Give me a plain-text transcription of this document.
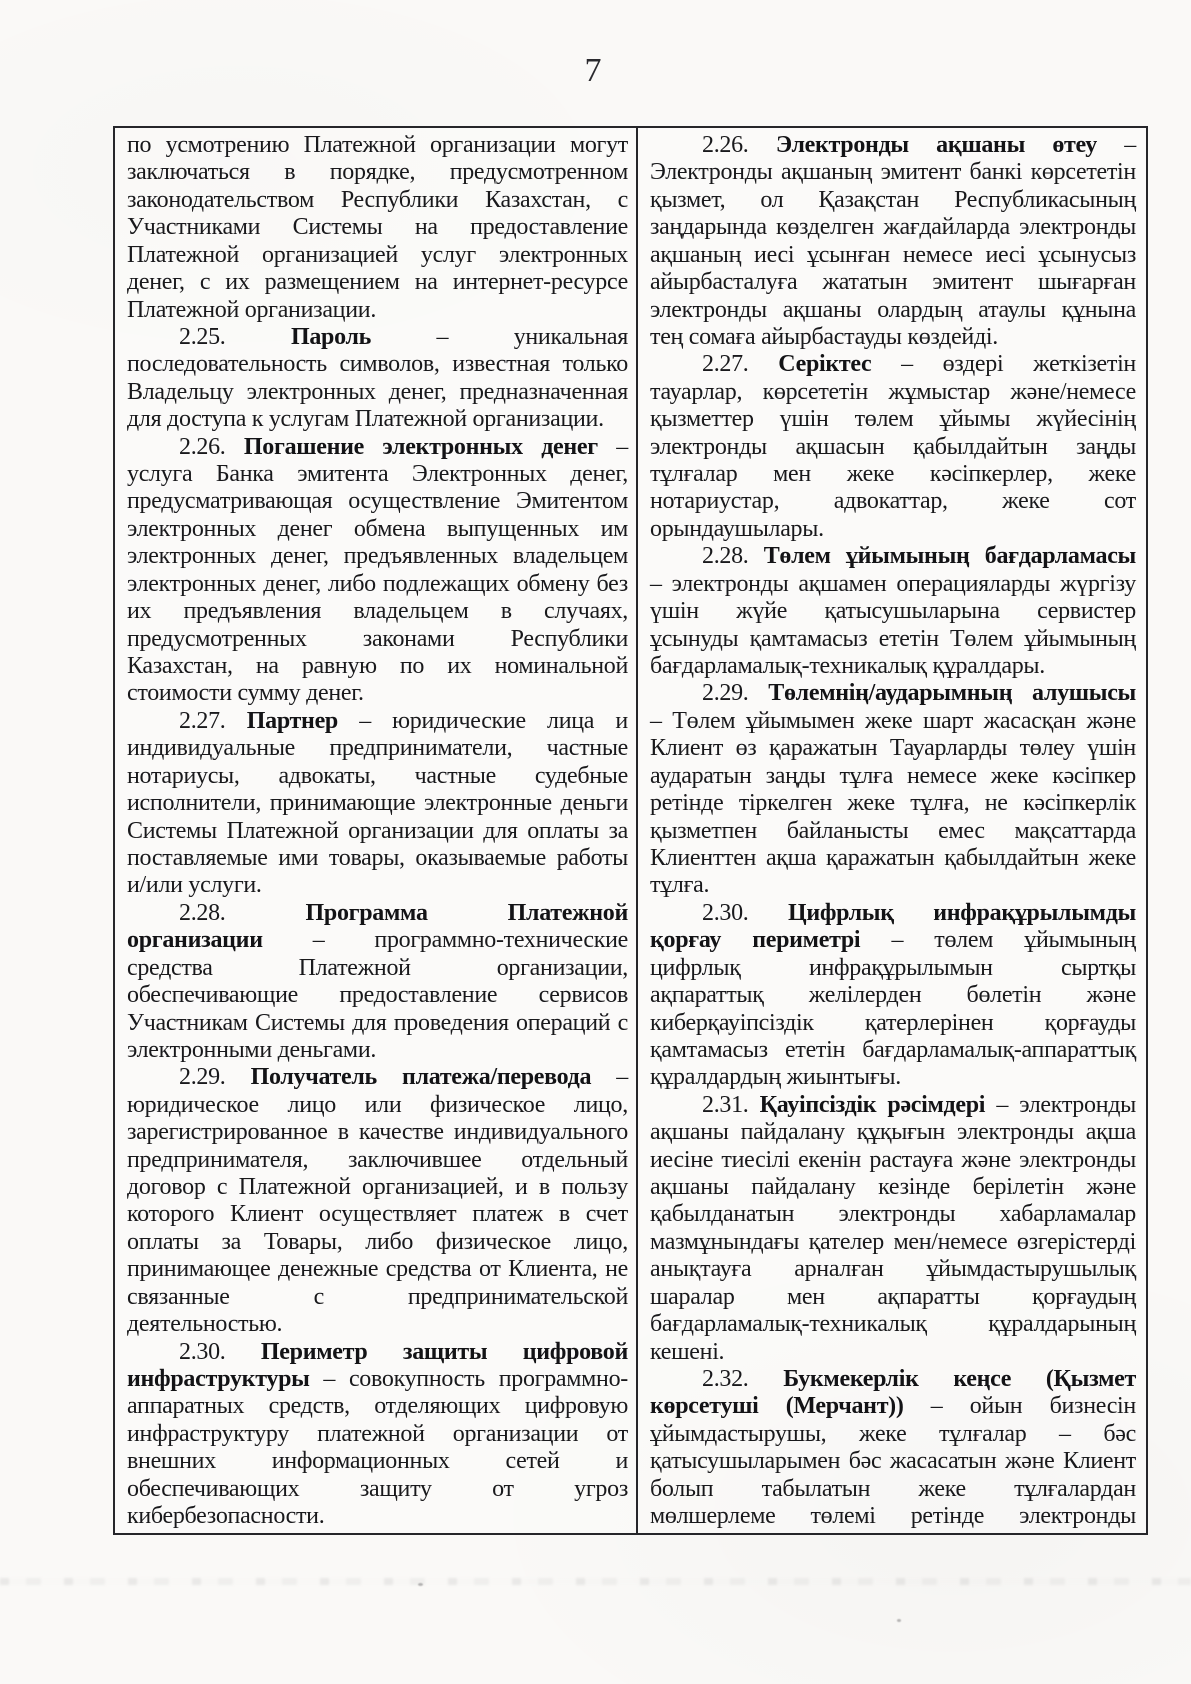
7
по усмотрению Платежной организации могут
заключаться в порядке, предусмотренном
законодательством Республики Казахстан, с
Участниками Системы на предоставление
Платежной организацией услуг электронных
денег, с их размещением на интернет-ресурсе
Платежной организации.
2.25.	Пароль	–	уникальная
последовательность символов, известная только
Владельцу электронных денег, предназначенная
для доступа к услугам Платежной организации.
2.26. Погашение электронных денег –
услуга Банка эмитента Электронных денег,
предусматривающая осуществление Эмитентом
электронных денег обмена выпущенных им
электронных денег, предъявленных владельцем
электронных денег, либо подлежащих обмену без
их предъявления владельцем в случаях,
предусмотренных законами Республики
Казахстан, на равную по их номинальной
стоимости сумму денег.
2.27. Партнер – юридические лица и
индивидуальные предприниматели, частные
нотариусы, адвокаты, частные судебные
исполнители, принимающие электронные деньги
Системы Платежной организации для оплаты за
поставляемые ими товары, оказываемые работы
и/или услуги.
2.28.	Программа	Платежной
организации – программно-технические
средства	Платежной	организации,
обеспечивающие предоставление сервисов
Участникам Системы для проведения операций с
электронными деньгами.
2.29. Получатель платежа/перевода –
юридическое лицо или физическое лицо,
зарегистрированное в качестве индивидуального
предпринимателя, заключившее отдельный
договор с Платежной организацией, и в пользу
которого Клиент осуществляет платеж в счет
оплаты за Товары, либо физическое лицо,
принимающее денежные средства от Клиента, не
связанные	с	предпринимательской
деятельностью.
2.30. Периметр защиты цифровой
инфраструктуры – совокупность программно-
аппаратных средств, отделяющих цифровую
инфраструктуру платежной организации от
внешних информационных сетей и
обеспечивающих	защиту	от	угроз
кибербезопасности.
2.26. Электронды ақшаны өтеу –
Электронды ақшаның эмитент банкі көрсететін
қызмет, ол Қазақстан Республикасының
заңдарында көзделген жағдайларда электронды
ақшаның иесі ұсынған немесе иесі ұсынусыз
айырбасталуға жататын эмитент шығарған
электронды ақшаны олардың атаулы құнына
тең сомаға айырбастауды көздейді.
2.27. Серіктес – өздері жеткізетін
тауарлар, көрсететін жұмыстар және/немесе
қызметтер үшін төлем ұйымы жүйесінің
электронды ақшасын қабылдайтын заңды
тұлғалар мен жеке кәсіпкерлер, жеке
нотариустар, адвокаттар, жеке сот
орындаушылары.
2.28. Төлем ұйымының бағдарламасы
– электронды ақшамен операцияларды жүргізу
үшін жүйе қатысушыларына сервистер
ұсынуды қамтамасыз ететін Төлем ұйымының
бағдарламалық-техникалық құралдары.
2.29. Төлемнің/аударымның алушысы
– Төлем ұйымымен жеке шарт жасасқан және
Клиент өз қаражатын Тауарларды төлеу үшін
аударатын заңды тұлға немесе жеке кәсіпкер
ретінде тіркелген жеке тұлға, не кәсіпкерлік
қызметпен байланысты емес мақсаттарда
Клиенттен ақша қаражатын қабылдайтын жеке
тұлға.
2.30. Цифрлық инфрақұрылымды
қорғау периметрі – төлем ұйымының
цифрлық	инфрақұрылымын	сыртқы
ақпараттық желілерден бөлетін және
киберқауіпсіздік қатерлерінен қорғауды
қамтамасыз ететін бағдарламалық-аппараттық
құралдардың жиынтығы.
2.31. Қауіпсіздік рәсімдері – электронды
ақшаны пайдалану құқығын электронды ақша
иесіне тиесілі екенін растауға және электронды
ақшаны пайдалану кезінде берілетін және
қабылданатын электронды хабарламалар
мазмұнындағы қателер мен/немесе өзгерістерді
анықтауға арналған ұйымдастырушылық
шаралар мен ақпаратты қорғаудың
бағдарламалық-техникалық	құралдарының
кешені.
2.32. Букмекерлік кеңсе (Қызмет
көрсетуші (Мерчант)) – ойын бизнесін
ұйымдастырушы, жеке тұлғалар – бәс
қатысушыларымен бәс жасасатын және Клиент
болып табылатын жеке тұлғалардан
мөлшерлеме төлемі ретінде электронды
